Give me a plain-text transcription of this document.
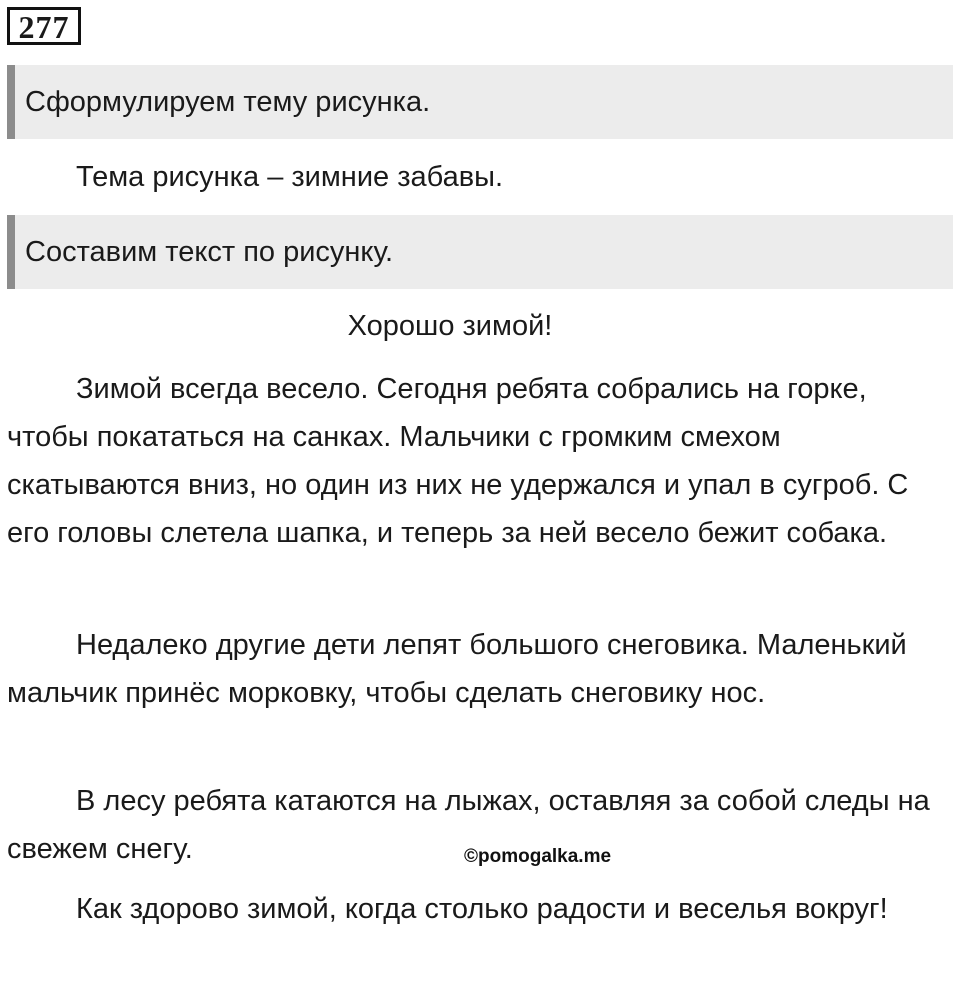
277
Сформулируем тему рисунка.
Тема рисунка – зимние забавы.
Составим текст по рисунку.
Хорошо зимой!

Зимой всегда весело. Сегодня ребята собрались на горке, чтобы покататься на санках. Мальчики с громким смехом скатываются вниз, но один из них не удержался и упал в сугроб. С его головы слетела шапка, и теперь за ней весело бежит собака.

Недалеко другие дети лепят большого снеговика. Маленький мальчик принёс морковку, чтобы сделать снеговику нос.

В лесу ребята катаются на лыжах, оставляя за собой следы на свежем снегу.

Как здорово зимой, когда столько радости и веселья вокруг!

©pomogalka.me
